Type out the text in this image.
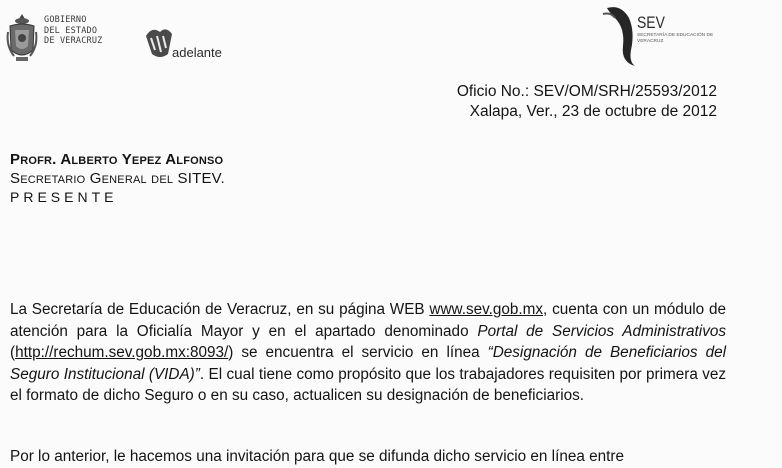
GOBIERNO
DEL ESTADO
DE VERACRUZ
adelante
SEV
SECRETARÍA DE EDUCACIÓN DE VERACRUZ
Oficio No.: SEV/OM/SRH/25593/2012
Xalapa, Ver., 23 de octubre de 2012
Profr. Alberto Yepez Alfonso
Secretario General del SITEV.
PRESENTE

La Secretaría de Educación de Veracruz, en su página WEB www.sev.gob.mx, cuenta con un módulo de atención para la Oficialía Mayor y en el apartado denominado Portal de Servicios Administrativos (http://rechum.sev.gob.mx:8093/) se encuentra el servicio en línea “Designación de Beneficiarios del Seguro Institucional (VIDA)”. El cual tiene como propósito que los trabajadores requisiten por primera vez el formato de dicho Seguro o en su caso, actualicen su designación de beneficiarios.

Por lo anterior, le hacemos una invitación para que se difunda dicho servicio en línea entre
